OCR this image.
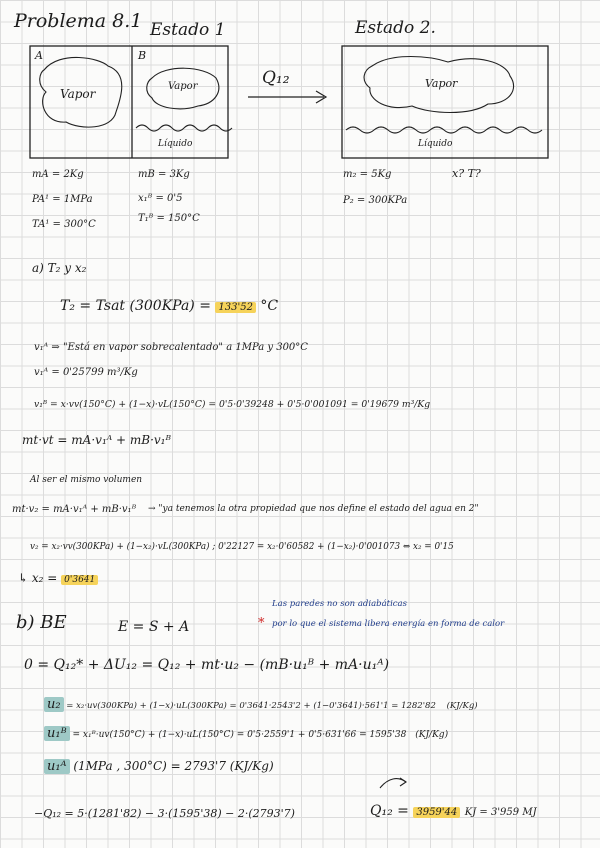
Problema 8.1 Estado 1	Estado 2.
A	B
Vapor
Vapor
Líquido
Q₁₂	Vapor
Líquido
mA = 2Kg
PA¹ = 1MPa
TA¹ = 300°C
mB = 3Kg
x₁ᴮ = 0'5
T₁ᴮ = 150°C
m₂ = 5Kg
P₂ = 300KPa
x? T?
a) T₂ y x₂
T₂ = Tsat (300KPa) = 133'52 °C
v₁ᴬ ⇒ "Está en vapor sobrecalentado" a 1MPa y 300°C
v₁ᴬ = 0'25799 m³/Kg
v₁ᴮ = x·vv(150°C) + (1−x)·vL(150°C) = 0'5·0'39248 + 0'5·0'001091 = 0'19679 m³/Kg
mt·vt = mA·v₁ᴬ + mB·v₁ᴮ
Al ser el mismo volumen
mt·v₂ = mA·v₁ᴬ + mB·v₁ᴮ → "ya tenemos la otra propiedad que nos define el estado del agua en 2"
v₂ = x₂·vv(300KPa) + (1−x₂)·vL(300KPa) ; 0'22127 = x₂·0'60582 + (1−x₂)·0'001073 ⇔ x₂ = 0'15
↳ x₂ = 0'3641
b) BE	E = S + A
Las paredes no son adiabáticas
* por lo que el sistema libera energía en forma de calor
0 = Q₁₂* + ΔU₁₂ = Q₁₂ + mt·u₂ − (mB·u₁ᴮ + mA·u₁ᴬ)
u₂ = x₂·uv(300KPa) + (1−x)·uL(300KPa) = 0'3641·2543'2 + (1−0'3641)·561'1 = 1282'82 (KJ/Kg)
u₁ᴮ = x₁ᴮ·uv(150°C) + (1−x)·uL(150°C) = 0'5·2559'1 + 0'5·631'66 = 1595'38 (KJ/Kg)
u₁ᴬ (1MPa , 300°C) = 2793'7 (KJ/Kg)
−Q₁₂ = 5·(1281'82) − 3·(1595'38) − 2·(2793'7)	Q₁₂ = 3959'44 KJ = 3'959 MJ
